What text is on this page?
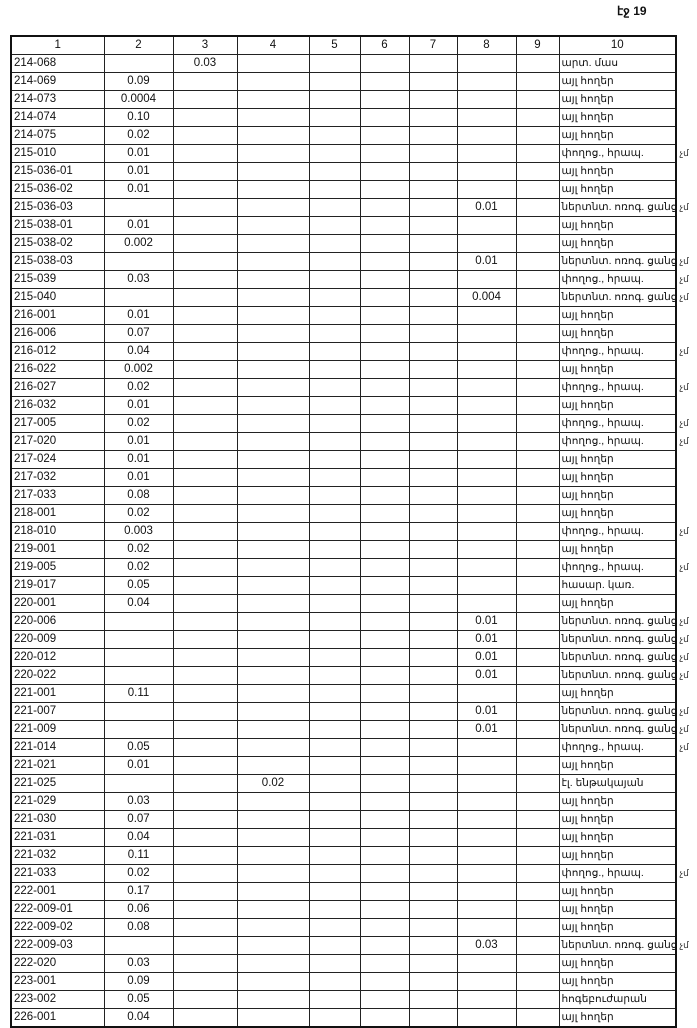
էջ 19
1	2	3	4	5	6	7	8	9	10
214-068		0.03							արտ. մաս
214-069	0.09								այլ հողեր
214-073	0.0004								այլ հողեր
214-074	0.10								այլ հողեր
214-075	0.02								այլ հողեր
215-010	0.01								փողոց., հրապ. չմ

215-036-01	0.01								այլ հողեր
215-036-02	0.01								այլ հողեր
215-036-03							0.01		ներտնտ. ոռոգ. ցանց չմ

215-038-01	0.01								այլ հողեր
215-038-02	0.002								այլ հողեր
215-038-03							0.01		ներտնտ. ոռոգ. ցանց չմ

215-039	0.03								փողոց., հրապ. չմ

215-040							0.004		ներտնտ. ոռոգ. ցանց չմ

216-001	0.01								այլ հողեր
216-006	0.07								այլ հողեր
216-012	0.04								փողոց., հրապ. չմ

216-022	0.002								այլ հողեր
216-027	0.02								փողոց., հրապ. չմ

216-032	0.01								այլ հողեր
217-005	0.02								փողոց., հրապ. չմ

217-020	0.01								փողոց., հրապ. չմ

217-024	0.01								այլ հողեր
217-032	0.01								այլ հողեր
217-033	0.08								այլ հողեր
218-001	0.02								այլ հողեր
218-010	0.003								փողոց., հրապ. չմ

219-001	0.02								այլ հողեր
219-005	0.02								փողոց., հրապ. չմ

219-017	0.05								հասար. կառ.
220-001	0.04								այլ հողեր
220-006							0.01		ներտնտ. ոռոգ. ցանց չմ

220-009							0.01		ներտնտ. ոռոգ. ցանց չմ

220-012							0.01		ներտնտ. ոռոգ. ցանց չմ

220-022							0.01		ներտնտ. ոռոգ. ցանց չմ

221-001	0.11								այլ հողեր
221-007							0.01		ներտնտ. ոռոգ. ցանց չմ

221-009							0.01		ներտնտ. ոռոգ. ցանց չմ

221-014	0.05								փողոց., հրապ. չմ

221-021	0.01								այլ հողեր
221-025			0.02						էլ. ենթակայան
221-029	0.03								այլ հողեր
221-030	0.07								այլ հողեր
221-031	0.04								այլ հողեր
221-032	0.11								այլ հողեր
221-033	0.02								փողոց., հրապ. չմ

222-001	0.17								այլ հողեր
222-009-01	0.06								այլ հողեր
222-009-02	0.08								այլ հողեր
222-009-03							0.03		ներտնտ. ոռոգ. ցանց չմ

222-020	0.03								այլ հողեր
223-001	0.09								այլ հողեր
223-002	0.05								հոգեբուժարան
226-001	0.04								այլ հողեր
